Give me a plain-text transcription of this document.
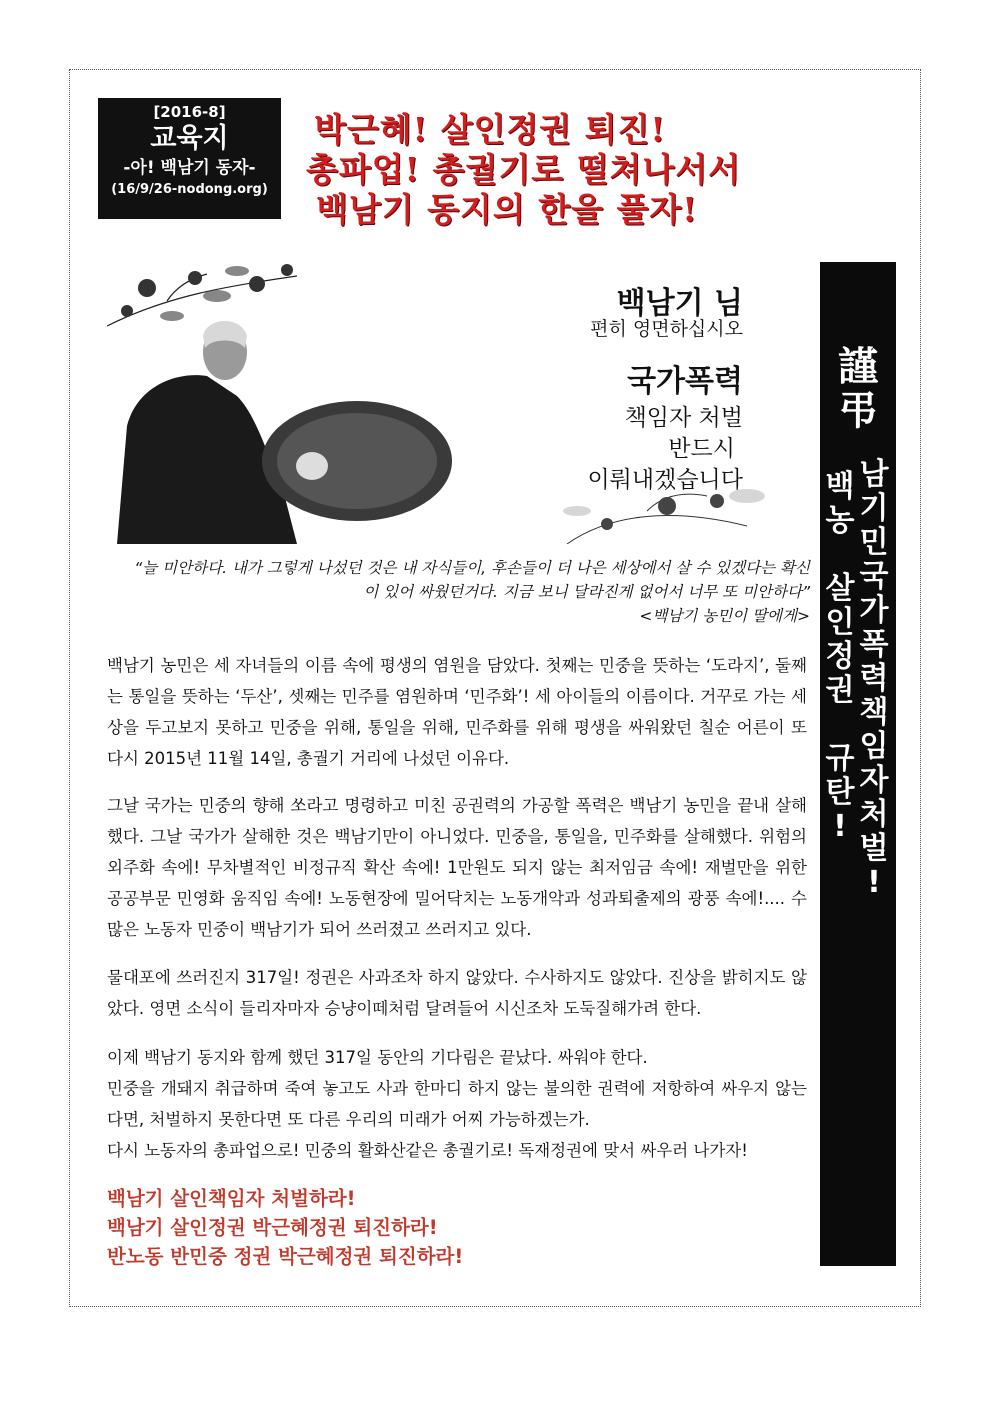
[2016-8]
교육지
-아! 백남기 동자-
(16/9/26-nodong.org)
박근혜! 살인정권 퇴진!
총파업! 총궐기로 떨쳐나서서
백남기 동지의 한을 풀자!
백남기 님
편히 영면하십시오
국가폭력
책임자 처벌
반드시
이뤄내겠습니다
謹弔
백
농
살
인
정
권
규
탄
!
남
기
민
국
가
폭
력
책
임
자
처
벌
!
“늘 미안하다. 내가 그렇게 나섰던 것은 내 자식들이, 후손들이 더 나은 세상에서 살 수 있겠다는 확신이 있어 싸웠던거다. 지금 보니 달라진게 없어서 너무 또 미안하다”
<백남기 농민이 딸에게>

백남기 농민은 세 자녀들의 이름 속에 평생의 염원을 담았다. 첫째는 민중을 뜻하는 ‘도라지’, 둘째는 통일을 뜻하는 ‘두산’, 셋째는 민주를 염원하며 ‘민주화’! 세 아이들의 이름이다. 거꾸로 가는 세상을 두고보지 못하고 민중을 위해, 통일을 위해, 민주화를 위해 평생을 싸워왔던 칠순 어른이 또다시 2015년 11월 14일, 총궐기 거리에 나섰던 이유다.

그날 국가는 민중의 향해 쏘라고 명령하고 미친 공권력의 가공할 폭력은 백남기 농민을 끝내 살해했다. 그날 국가가 살해한 것은 백남기만이 아니었다. 민중을, 통일을, 민주화를 살해했다. 위험의 외주화 속에! 무차별적인 비정규직 확산 속에! 1만원도 되지 않는 최저임금 속에! 재벌만을 위한 공공부문 민영화 움직임 속에! 노동현장에 밀어닥치는 노동개악과 성과퇴출제의 광풍 속에!.... 수많은 노동자 민중이 백남기가 되어 쓰러졌고 쓰러지고 있다.

물대포에 쓰러진지 317일! 정권은 사과조차 하지 않았다. 수사하지도 않았다. 진상을 밝히지도 않았다. 영면 소식이 들리자마자 승냥이떼처럼 달려들어 시신조차 도둑질해가려 한다.

이제 백남기 동지와 함께 했던 317일 동안의 기다림은 끝났다. 싸워야 한다.

민중을 개돼지 취급하며 죽여 놓고도 사과 한마디 하지 않는 불의한 권력에 저항하여 싸우지 않는다면, 처벌하지 못한다면 또 다른 우리의 미래가 어찌 가능하겠는가.

다시 노동자의 총파업으로! 민중의 활화산같은 총궐기로! 독재정권에 맞서 싸우러 나가자!

백남기 살인책임자 처벌하라!
백남기 살인정권 박근혜정권 퇴진하라!
반노동 반민중 정권 박근혜정권 퇴진하라!
